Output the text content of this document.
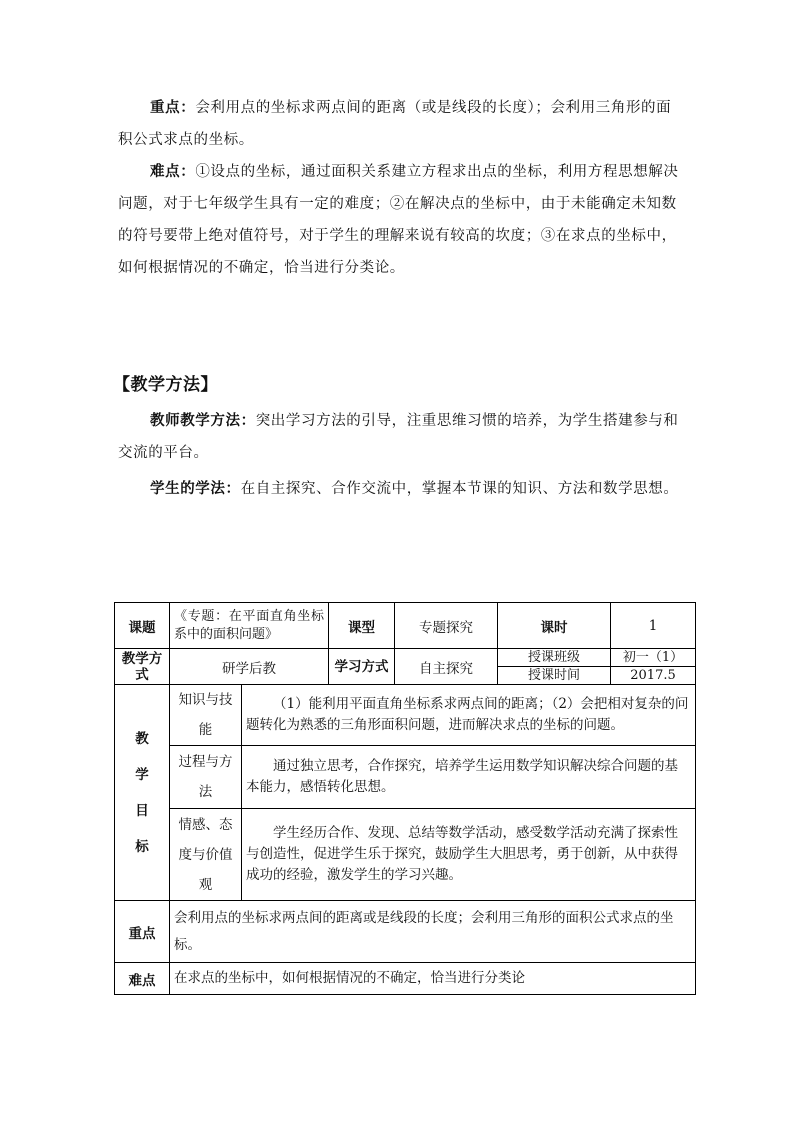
重点：会利用点的坐标求两点间的距离（或是线段的长度）；会利用三角形的面积公式求点的坐标。

难点：①设点的坐标，通过面积关系建立方程求出点的坐标，利用方程思想解决问题，对于七年级学生具有一定的难度；②在解决点的坐标中，由于未能确定未知数的符号要带上绝对值符号，对于学生的理解来说有较高的坎度；③在求点的坐标中，如何根据情况的不确定，恰当进行分类论。

【教学方法】

教师教学方法：突出学习方法的引导，注重思维习惯的培养，为学生搭建参与和交流的平台。

学生的学法：在自主探究、合作交流中，掌握本节课的知识、方法和数学思想。

课题	《专题：在平面直角坐标系中的面积问题》		课型	专题探究	课时	1
教学方式	研学后教		学习方式	自主探究	授课班级	初一（1）
					授课时间	2017.5

教
学
目
标	知识与技能	（1）能利用平面直角坐标系求两点间的距离；（2）会把相对复杂的问题转化为熟悉的三角形面积问题，进而解决求点的坐标的问题。				
	过程与方法	通过独立思考，合作探究，培养学生运用数学知识解决综合问题的基本能力，感悟转化思想。				
	情感、态度与价值观	学生经历合作、发现、总结等数学活动，感受数学活动充满了探索性与创造性，促进学生乐于探究，鼓励学生大胆思考，勇于创新，从中获得成功的经验，激发学生的学习兴趣。				
重点	会利用点的坐标求两点间的距离或是线段的长度；会利用三角形的面积公式求点的坐标。					
难点	在求点的坐标中，如何根据情况的不确定，恰当进行分类论					
